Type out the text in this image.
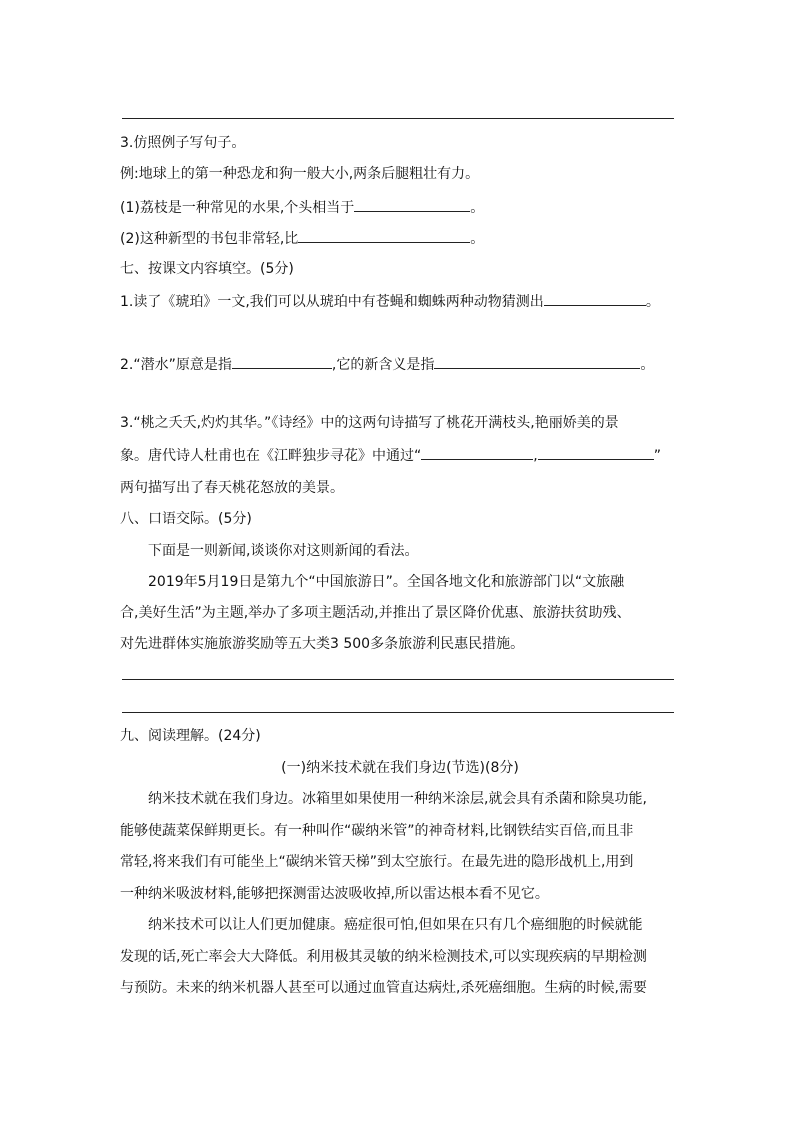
3.仿照例子写句子。
例:地球上的第一种恐龙和狗一般大小,两条后腿粗壮有力。
(1)荔枝是一种常见的水果,个头相当于	。
(2)这种新型的书包非常轻,比	。
七、按课文内容填空。(5分)
1.读了《琥珀》一文,我们可以从琥珀中有苍蝇和蜘蛛两种动物猜测出	。
2.“潜水”原意是指	,它的新含义是指	。
3.“桃之夭夭,灼灼其华。”《诗经》中的这两句诗描写了桃花开满枝头,艳丽娇美的景
象。唐代诗人杜甫也在《江畔独步寻花》中通过“	,	”
两句描写出了春天桃花怒放的美景。
八、口语交际。(5分)
下面是一则新闻,谈谈你对这则新闻的看法。
2019年5月19日是第九个“中国旅游日”。全国各地文化和旅游部门以“文旅融
合,美好生活”为主题,举办了多项主题活动,并推出了景区降价优惠、旅游扶贫助残、
对先进群体实施旅游奖励等五大类3 500多条旅游利民惠民措施。
九、阅读理解。(24分)
(一)纳米技术就在我们身边(节选)(8分)
纳米技术就在我们身边。冰箱里如果使用一种纳米涂层,就会具有杀菌和除臭功能,
能够使蔬菜保鲜期更长。有一种叫作“碳纳米管”的神奇材料,比钢铁结实百倍,而且非
常轻,将来我们有可能坐上“碳纳米管天梯”到太空旅行。在最先进的隐形战机上,用到
一种纳米吸波材料,能够把探测雷达波吸收掉,所以雷达根本看不见它。
纳米技术可以让人们更加健康。癌症很可怕,但如果在只有几个癌细胞的时候就能
发现的话,死亡率会大大降低。利用极其灵敏的纳米检测技术,可以实现疾病的早期检测
与预防。未来的纳米机器人甚至可以通过血管直达病灶,杀死癌细胞。生病的时候,需要
